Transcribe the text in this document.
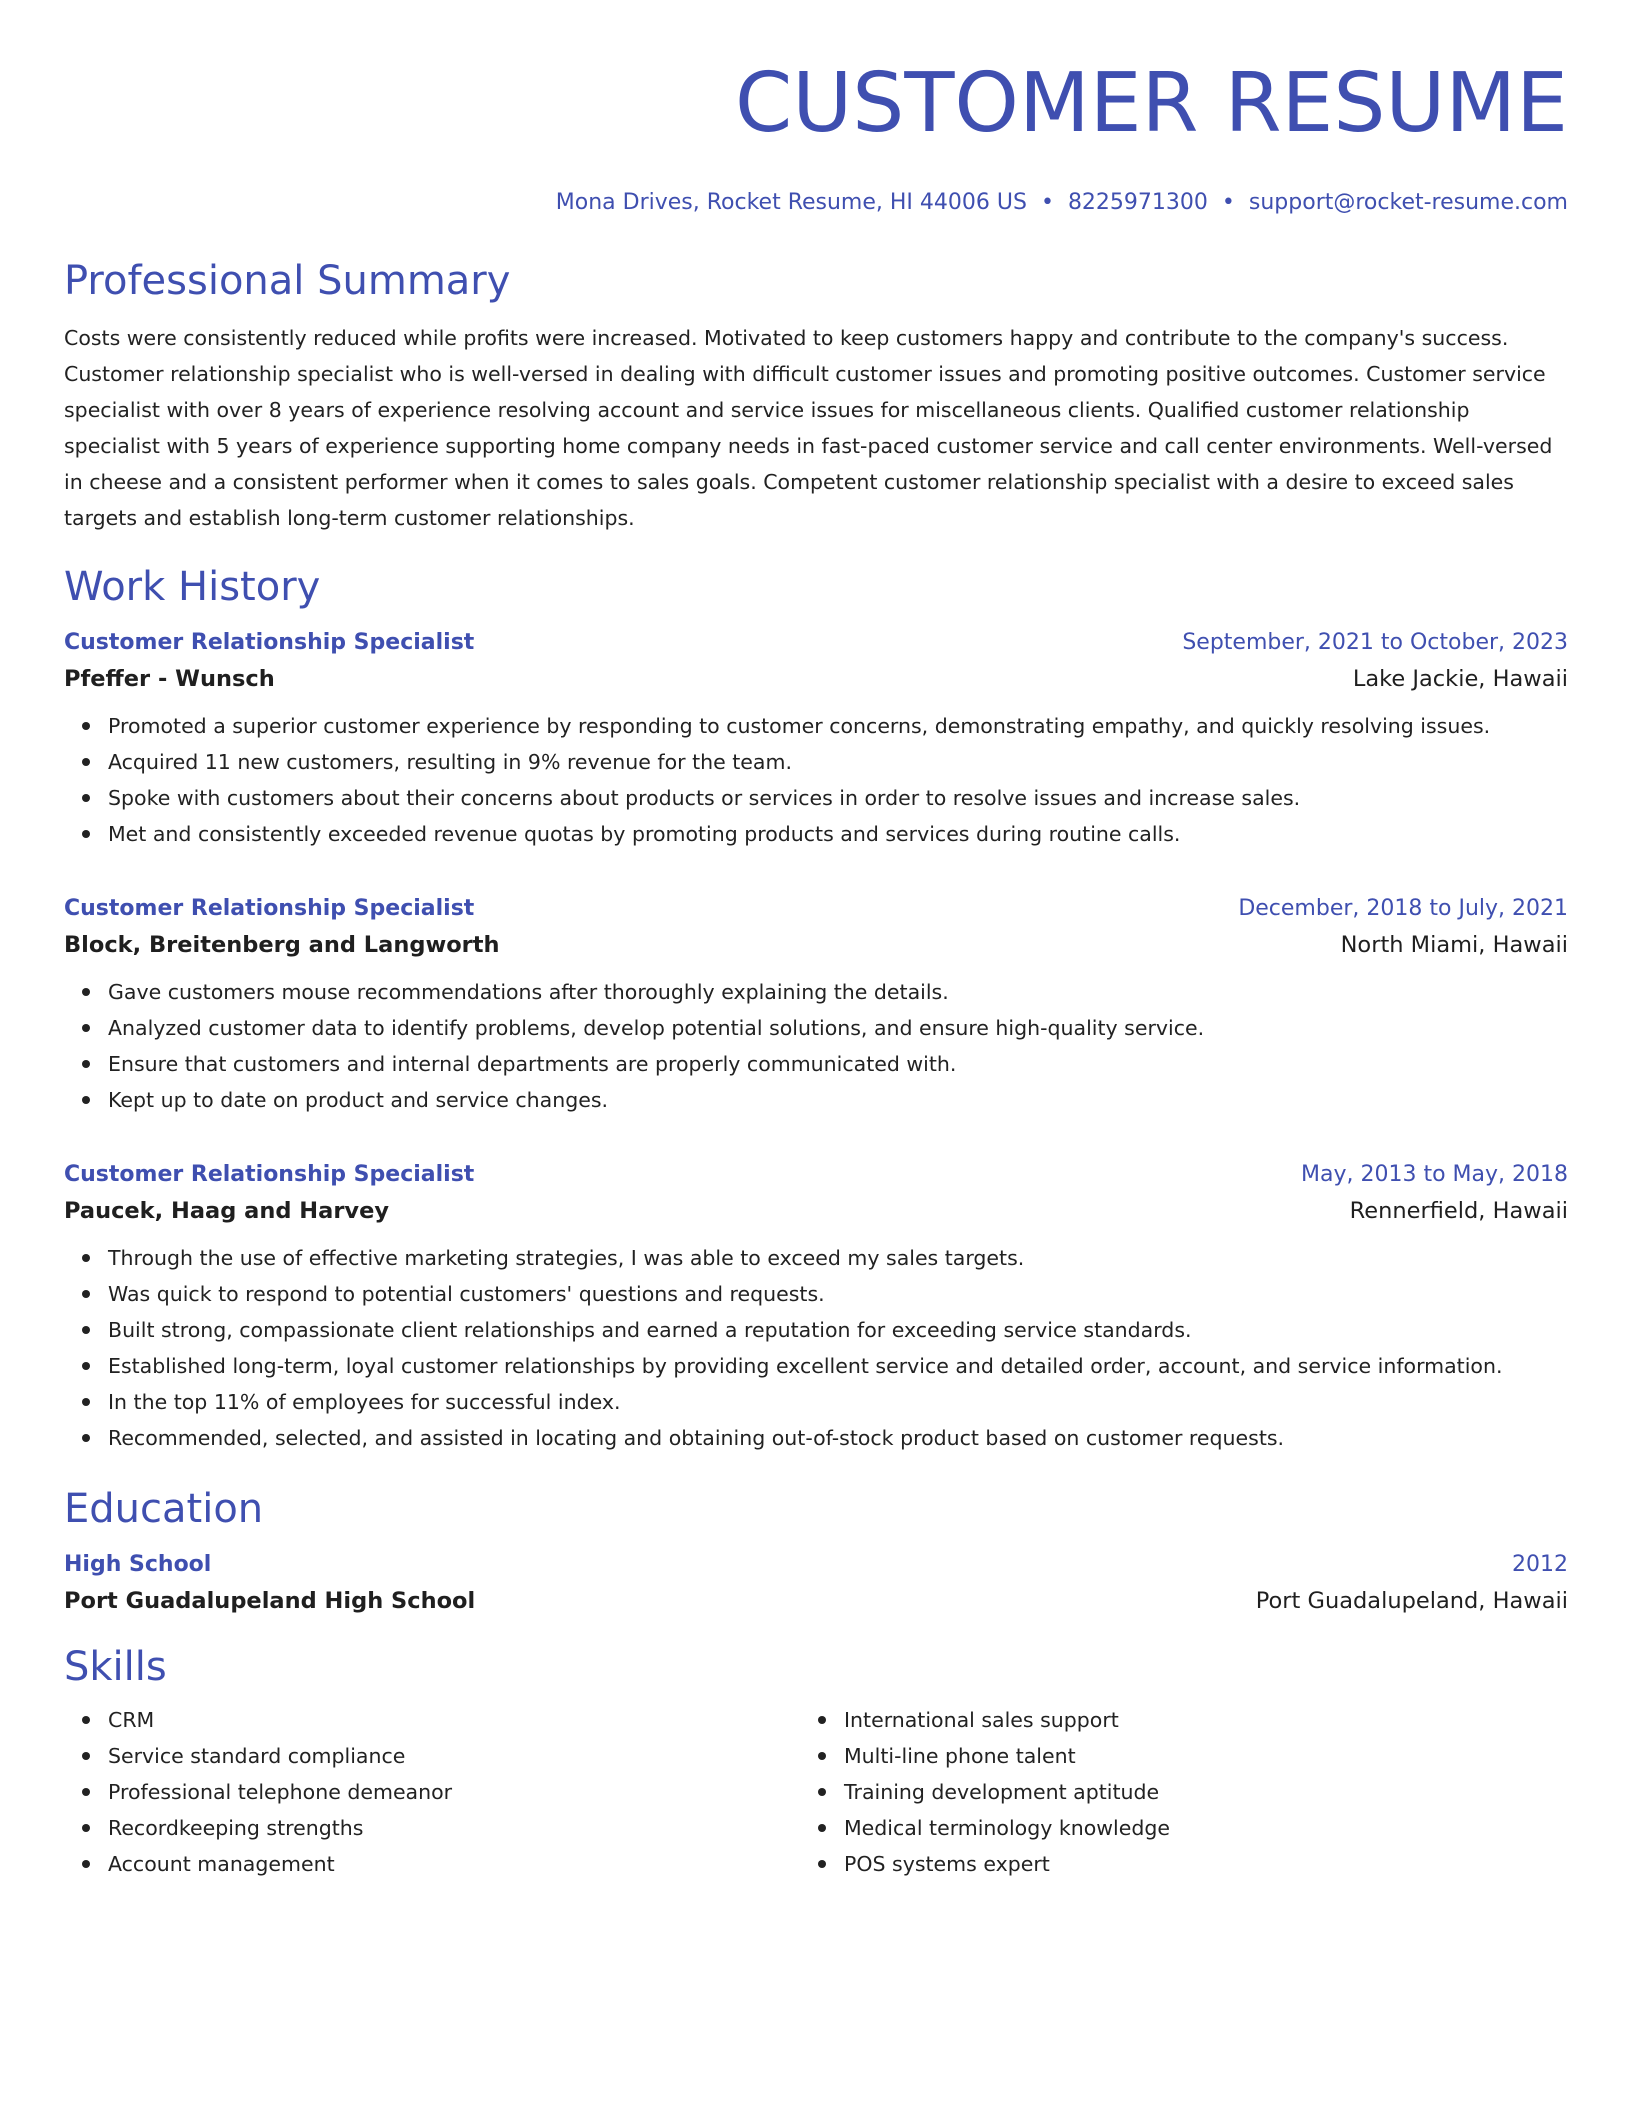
CUSTOMER RESUME
Mona Drives, Rocket Resume, HI 44006 US • 8225971300 • support@rocket-resume.com
Professional Summary
Costs were consistently reduced while profits were increased. Motivated to keep customers happy and contribute to the company's success. Customer relationship specialist who is well-versed in dealing with difficult customer issues and promoting positive outcomes. Customer service specialist with over 8 years of experience resolving account and service issues for miscellaneous clients. Qualified customer relationship specialist with 5 years of experience supporting home company needs in fast-paced customer service and call center environments. Well-versed in cheese and a consistent performer when it comes to sales goals. Competent customer relationship specialist with a desire to exceed sales targets and establish long-term customer relationships.
Work History
Customer Relationship Specialist	September, 2021 to October, 2023
Pfeffer - Wunsch	Lake Jackie, Hawaii
Promoted a superior customer experience by responding to customer concerns, demonstrating empathy, and quickly resolving issues.
Acquired 11 new customers, resulting in 9% revenue for the team.
Spoke with customers about their concerns about products or services in order to resolve issues and increase sales.
Met and consistently exceeded revenue quotas by promoting products and services during routine calls.
Customer Relationship Specialist	December, 2018 to July, 2021
Block, Breitenberg and Langworth	North Miami, Hawaii
Gave customers mouse recommendations after thoroughly explaining the details.
Analyzed customer data to identify problems, develop potential solutions, and ensure high-quality service.
Ensure that customers and internal departments are properly communicated with.
Kept up to date on product and service changes.
Customer Relationship Specialist	May, 2013 to May, 2018
Paucek, Haag and Harvey	Rennerfield, Hawaii
Through the use of effective marketing strategies, I was able to exceed my sales targets.
Was quick to respond to potential customers' questions and requests.
Built strong, compassionate client relationships and earned a reputation for exceeding service standards.
Established long-term, loyal customer relationships by providing excellent service and detailed order, account, and service information.
In the top 11% of employees for successful index.
Recommended, selected, and assisted in locating and obtaining out-of-stock product based on customer requests.
Education
High School	2012
Port Guadalupeland High School	Port Guadalupeland, Hawaii
Skills
CRM
Service standard compliance
Professional telephone demeanor
Recordkeeping strengths
Account management
International sales support
Multi-line phone talent
Training development aptitude
Medical terminology knowledge
POS systems expert
